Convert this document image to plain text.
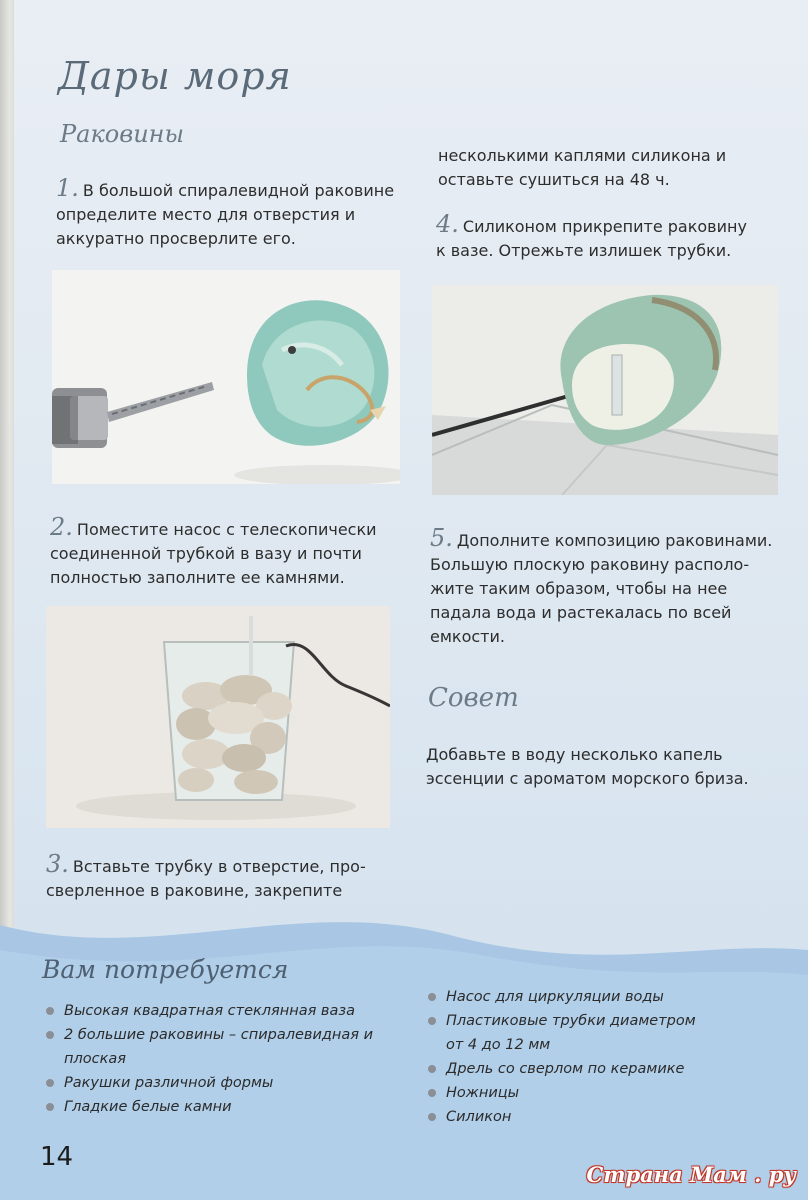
Дары моря
Раковины
1. В большой спиралевидной раковине
определите место для отверстия и
аккуратно просверлите его.
2. Поместите насос с телескопически
соединенной трубкой в вазу и почти
полностью заполните ее камнями.
3. Вставьте трубку в отверстие, про-
сверленное в раковине, закрепите
несколькими каплями силикона и
оставьте сушиться на 48 ч.
4. Силиконом прикрепите раковину
к вазе. Отрежьте излишек трубки.
5. Дополните композицию раковинами.
Большую плоскую раковину располо-
жите таким образом, чтобы на нее
падала вода и растекалась по всей
емкости.
Совет
Добавьте в воду несколько капель
эссенции с ароматом морского бриза.
Вам потребуется
Высокая квадратная стеклянная ваза
2 большие раковины – спиралевидная и
плоская
Ракушки различной формы
Гладкие белые камни
Насос для циркуляции воды
Пластиковые трубки диаметром
от 4 до 12 мм
Дрель со сверлом по керамике
Ножницы
Силикон
14
Страна Мам . ру
